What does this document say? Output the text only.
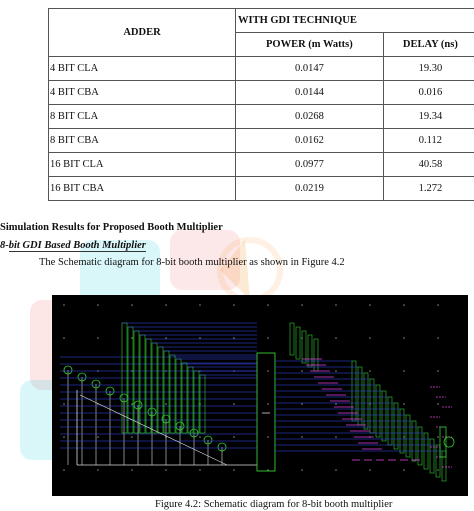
ADDER	WITH GDI TECHNIQUE	
	POWER (m Watts)	DELAY (ns)
4 BIT CLA	0.0147	19.30
4 BIT CBA	0.0144	0.016
8 BIT CLA	0.0268	19.34
8 BIT CBA	0.0162	0.112
16 BIT CLA	0.0977	40.58
16 BIT CBA	0.0219	1.272
Simulation Results for Proposed Booth Multiplier
8-bit GDI Based Booth Multiplier
The Schematic diagram for 8-bit booth multiplier as shown in Figure 4.2
Figure 4.2: Schematic diagram for 8-bit booth multiplier
